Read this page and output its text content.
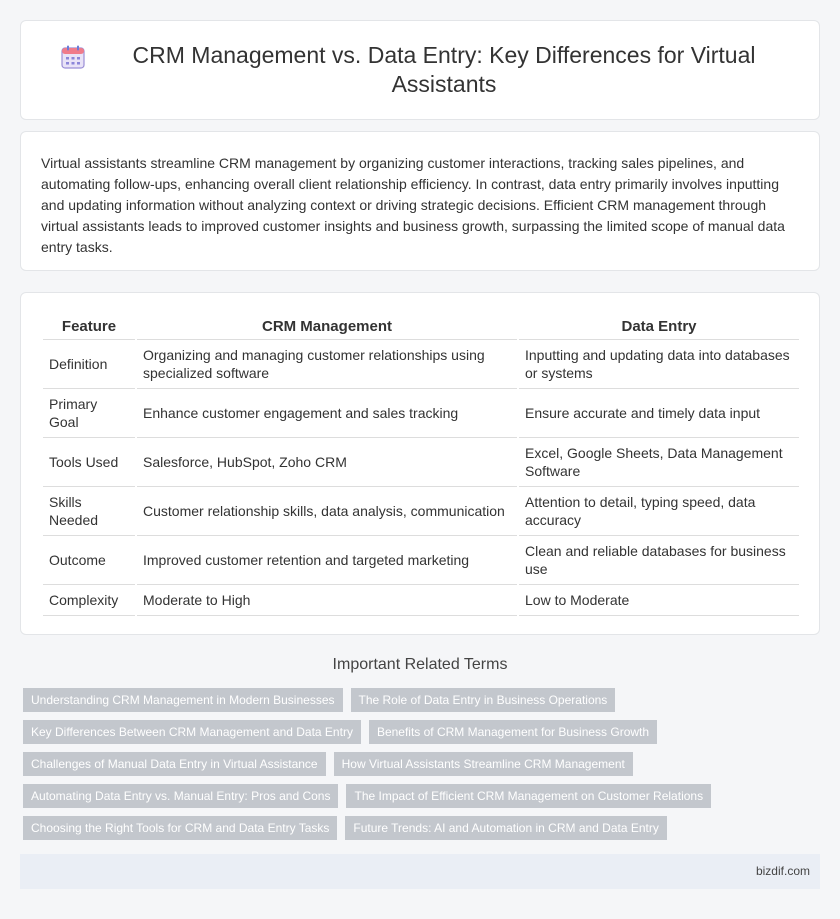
CRM Management vs. Data Entry: Key Differences for Virtual Assistants

Virtual assistants streamline CRM management by organizing customer interactions, tracking sales pipelines, and automating follow-ups, enhancing overall client relationship efficiency. In contrast, data entry primarily involves inputting and updating information without analyzing context or driving strategic decisions. Efficient CRM management through virtual assistants leads to improved customer insights and business growth, surpassing the limited scope of manual data entry tasks.

Feature	CRM Management	Data Entry
Definition	Organizing and managing customer relationships using specialized software	Inputting and updating data into databases or systems
Primary Goal	Enhance customer engagement and sales tracking	Ensure accurate and timely data input
Tools Used	Salesforce, HubSpot, Zoho CRM	Excel, Google Sheets, Data Management Software
Skills Needed	Customer relationship skills, data analysis, communication	Attention to detail, typing speed, data accuracy
Outcome	Improved customer retention and targeted marketing	Clean and reliable databases for business use
Complexity	Moderate to High	Low to Moderate
Important Related Terms
Understanding CRM Management in Modern Businesses	The Role of Data Entry in Business Operations
Key Differences Between CRM Management and Data Entry	Benefits of CRM Management for Business Growth
Challenges of Manual Data Entry in Virtual Assistance	How Virtual Assistants Streamline CRM Management
Automating Data Entry vs. Manual Entry: Pros and Cons	The Impact of Efficient CRM Management on Customer Relations
Choosing the Right Tools for CRM and Data Entry Tasks	Future Trends: AI and Automation in CRM and Data Entry
bizdif.com
